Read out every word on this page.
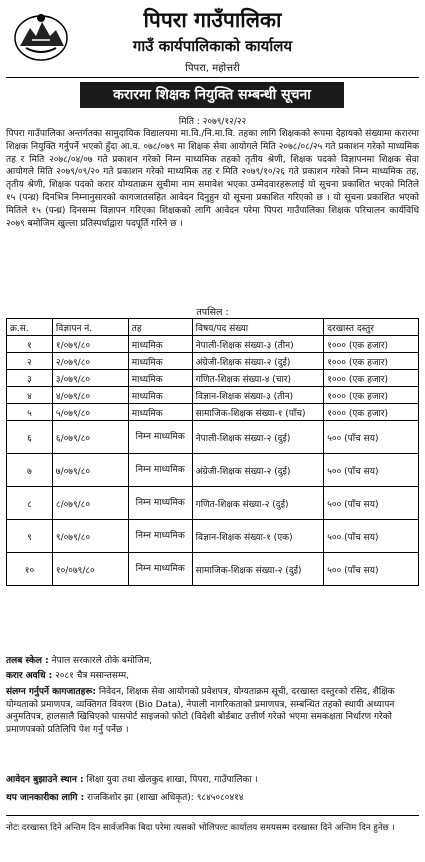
पिपरा गाउँपालिका
गाउँ कार्यपालिकाको कार्यालय
पिपरा, महोत्तरी
करारमा शिक्षक नियुक्ति सम्बन्धी सूचना
मिति : २०७९/१२/२२

पिपरा गाउँपालिका अन्तर्गतका सामुदायिक विद्यालयमा मा.वि./नि.मा.वि. तहका लागि शिक्षकको रूपमा देहायको संख्यामा करारमा शिक्षक नियुक्ति गर्नुपर्ने भएकाे हुँदा आ.व. ०७८/०७९ मा शिक्षक सेवा आयोगले मिति २०७८/०८/२५ गते प्रकाशन गरेको माध्यमिक तह र मिति २०७८/०४/०७ गते प्रकाशन गरेको निम्न माध्यमिक तहको तृतीय श्रेणी, शिक्षक पदको विज्ञापनमा शिक्षक सेवा आयोगले मिति २०७९/०९/२० गते प्रकाशन गरेको माध्यमिक तह र मिति २०७९/१०/२६ गते प्रकाशन गरेको निम्न माध्यमिक तह, तृतीय श्रेणी, शिक्षक पदको करार योग्यताक्रम सूचीमा नाम समावेश भएका उम्मेदवारहरूलाई यो सूचना प्रकाशित भएको मितिले १५ (पन्ध्र) दिनभित्र निम्नानुसारको कागजातसहित आवेदन दिनुहुन यो सूचना प्रकाशित गरिएको छ । यो सूचना प्रकाशित भएको मितिले १५ (पन्ध्र) दिनसम्म विज्ञापन गरिएका शिक्षकको लागि आवेदन परेमा पिपरा गाउँपालिका शिक्षक परिचालन कार्यविधि २०७९ बमोजिम खुल्ला प्रतिस्पर्धाद्वारा पदपूर्ति गरिने छ ।

तपसिल :
क्र.स.	विज्ञापन नं.	तह	विषय/पद संख्या	दरखास्त दस्तुर
१	१/०७९/८०	माध्यमिक	नेपाली-शिक्षक संख्या-३ (तीन)	१००० (एक हजार)
२	२/०७९/८०	माध्यमिक	अंग्रेजी-शिक्षक संख्या-२ (दुई)	१००० (एक हजार)
३	३/०७९/८०	माध्यमिक	गणित-शिक्षक संख्या-४ (चार)	१००० (एक हजार)
४	४/०७९/८०	माध्यमिक	विज्ञान-शिक्षक संख्या-३ (तीन)	१००० (एक हजार)
५	५/०७९/८०	माध्यमिक	सामाजिक-शिक्षक संख्या-१ (पाँच)	१००० (एक हजार)
६	६/०७९/८०	निम्न माध्यमिक	नेपाली-शिक्षक संख्या-२ (दुई)	५०० (पाँच सय)
७	७/०७९/८०	निम्न माध्यमिक	अंग्रेजी-शिक्षक संख्या-२ (दुई)	५०० (पाँच सय)
८	८/०७९/८०	निम्न माध्यमिक	गणित-शिक्षक संख्या-२ (दुई)	५०० (पाँच सय)
९	९/०७९/८०	निम्न माध्यमिक	विज्ञान-शिक्षक संख्या-१ (एक)	५०० (पाँच सय)
१०	१०/०७९/८०	निम्न माध्यमिक	सामाजिक-शिक्षक संख्या-२ (दुई)	५०० (पाँच सय)
तलब स्केल : नेपाल सरकारले तोके बमोजिम,
करार अवधि : २०८१ चैत्र मसान्तसम्म,
संलग्न गर्नुपर्ने कागजातहरू: निवेदन, शिक्षक सेवा आयोगको प्रवेशपत्र, योग्यताक्रम सूची, दरखास्त दस्तुरको रसिद, शैक्षिक योग्यताको प्रमाणपत्र, व्यक्तिगत विवरण (Bio Data), नेपाली नागरिकताको प्रमाणपत्र, सम्बन्धित तहको स्थायी अध्यापन अनुमतिपत्र, हालसालै खिचिएको पासपोर्ट साइजको फोटो (विदेशी बोर्डबाट उत्तीर्ण गरेको भएमा समकक्षता निर्धारण गरेको प्रमाणपत्रको प्रतिलिपि पेश गर्नु पर्नेछ ।
आवेदन बुझाउने स्थान : शिक्षा युवा तथा खेलकुद शाखा, पिपरा, गाउँपालिका ।
थप जानकारीका लागि : राजकिशोर झा (शाखा अधिकृत): ९८४५०८०४१४
नोटः दरखास्त दिने अन्तिम दिन सार्वजनिक बिदा परेमा त्यसको भोलिपल्ट कार्यालय समयसम्म दरखास्त दिने अन्तिम दिन हुनेछ ।
